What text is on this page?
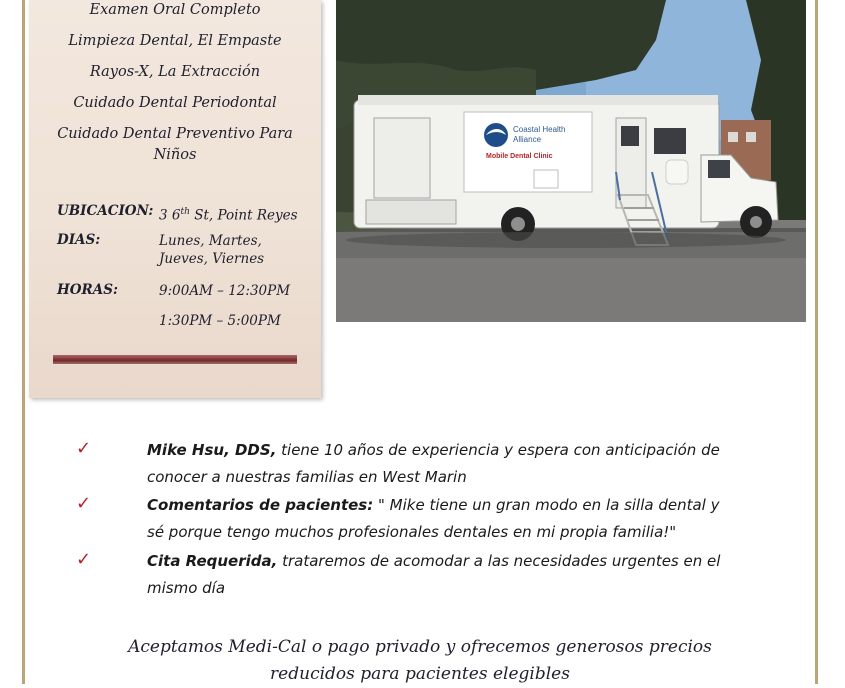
Examen Oral Completo
Limpieza Dental, El Empaste
Rayos-X, La Extracción
Cuidado Dental Periodontal
Cuidado Dental Preventivo Para
Niños
UBICACION: 3 6th St, Point Reyes
DIAS:	Lunes, Martes,
Jueves, Viernes
HORAS:	9:00AM – 12:30PM
1:30PM – 5:00PM
Coastal Health
Alliance
Mobile Dental Clinic
✓	Mike Hsu, DDS, tiene 10 años de experiencia y espera con anticipación de
conocer a nuestras familias en West Marin
✓	Comentarios de pacientes: " Mike tiene un gran modo en la silla dental y
sé porque tengo muchos profesionales dentales en mi propia familia!"
✓	Cita Requerida, trataremos de acomodar a las necesidades urgentes en el
mismo día
Aceptamos Medi-Cal o pago privado y ofrecemos generosos precios
reducidos para pacientes elegibles
